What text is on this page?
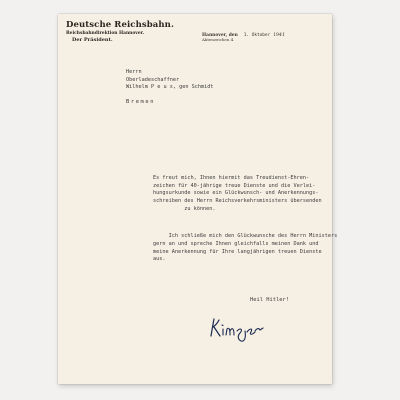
Deutsche Reichsbahn.
Reichsbahndirektion Hannover.
Der Präsident.
Hannover, den 1. Oktober 1941
Aktenzeichen 4.
Herrn
Oberladeschaffner
Wilhelm P e u s, gen Schmidt
Bremen

Es freut mich, Ihnen hiermit das Treudienst-Ehren-
zeichen für 40-jährige treue Dienste und die Verlei-
hungsurkunde sowie ein Glückwunsch- und Anerkennungs-
schreiben des Herrn Reichsverkehrsministers übersenden
zu können.

Ich schließe mich den Glückwunsche des Herrn Ministers
gern an und spreche Ihnen gleichfalls meinen Dank und
meine Anerkennung für Ihre langjährigen treuen Dienste
aus.

Heil Hitler!
